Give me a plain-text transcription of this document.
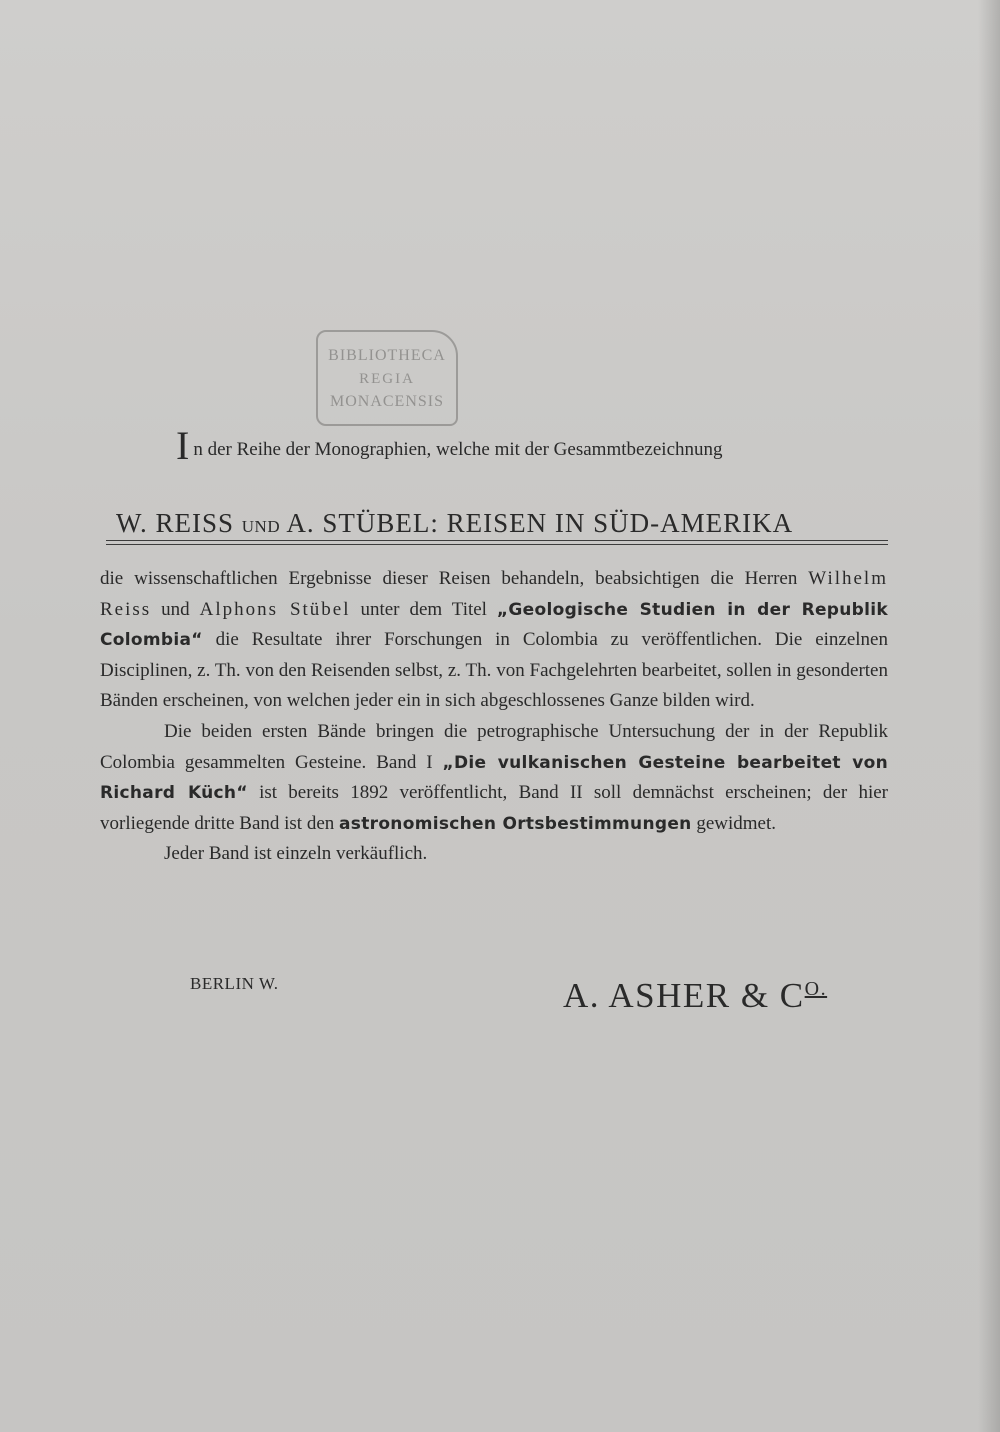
BIBLIOTHECA
REGIA
MONACENSIS
In der Reihe der Monographien, welche mit der Gesammtbezeichnung
W. REISS UND A. STÜBEL: REISEN IN SÜD-AMERIKA

die wissenschaftlichen Ergebnisse dieser Reisen behandeln, beabsichtigen die Herren Wilhelm Reiss und Alphons Stübel unter dem Titel „Geologische Studien in der Republik Colombia“ die Resultate ihrer Forschungen in Colombia zu veröffentlichen. Die einzelnen Disciplinen, z. Th. von den Reisenden selbst, z. Th. von Fachgelehrten bearbeitet, sollen in gesonderten Bänden erscheinen, von welchen jeder ein in sich abgeschlossenes Ganze bilden wird.

Die beiden ersten Bände bringen die petrographische Untersuchung der in der Republik Colombia gesammelten Gesteine. Band I „Die vulkanischen Gesteine bearbeitet von Richard Küch“ ist bereits 1892 veröffentlicht, Band II soll demnächst erscheinen; der hier vorliegende dritte Band ist den astronomischen Ortsbestimmungen gewidmet.

Jeder Band ist einzeln verkäuflich.

BERLIN W.	A. ASHER & $C^{O.}$
